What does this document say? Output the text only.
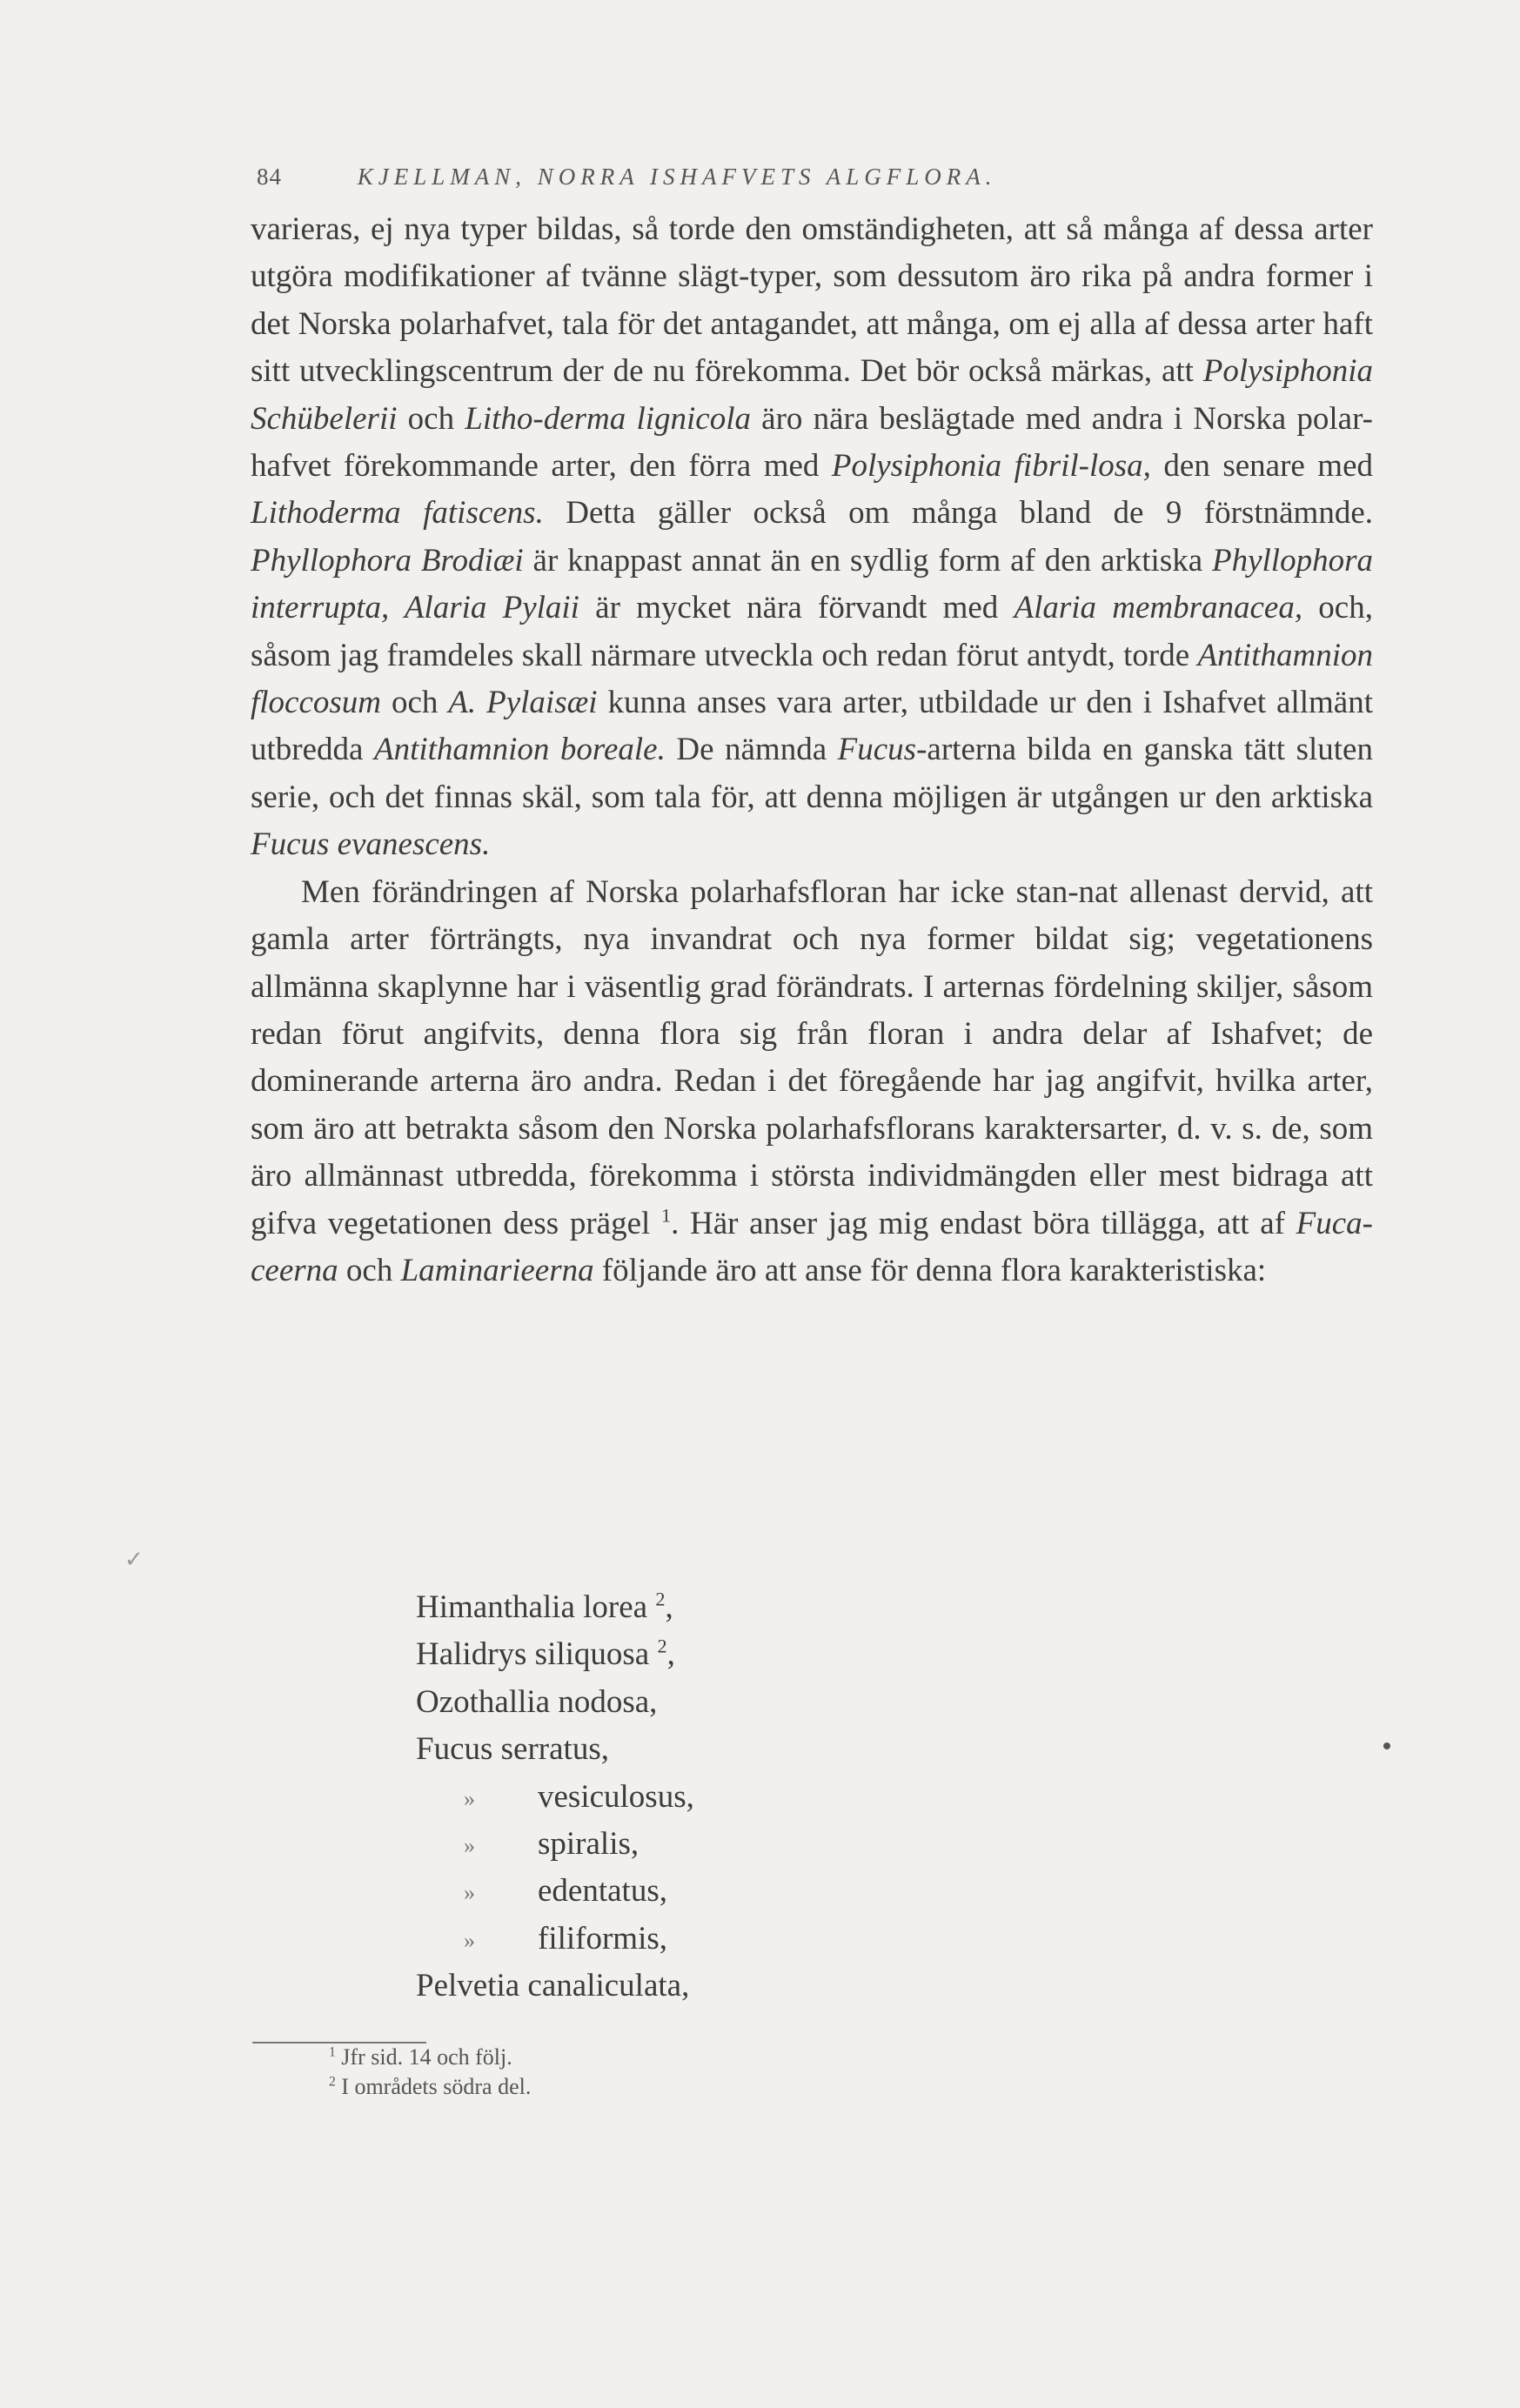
84	KJELLMAN, NORRA ISHAFVETS ALGFLORA.

varieras, ej nya typer bildas, så torde den omständigheten, att så många af dessa arter utgöra modifikationer af tvänne slägt-typer, som dessutom äro rika på andra former i det Norska polarhafvet, tala för det antagandet, att många, om ej alla af dessa arter haft sitt utvecklingscentrum der de nu förekomma. Det bör också märkas, att Polysiphonia Schübelerii och Litho-derma lignicola äro nära beslägtade med andra i Norska polar-hafvet förekommande arter, den förra med Polysiphonia fibril-losa, den senare med Lithoderma fatiscens. Detta gäller också om många bland de 9 förstnämnde. Phyllophora Brodiæi är knappast annat än en sydlig form af den arktiska Phyllophora interrupta, Alaria Pylaii är mycket nära förvandt med Alaria membranacea, och, såsom jag framdeles skall närmare utveckla och redan förut antydt, torde Antithamnion floccosum och A. Pylaisæi kunna anses vara arter, utbildade ur den i Ishafvet allmänt utbredda Antithamnion boreale. De nämnda Fucus-arterna bilda en ganska tätt sluten serie, och det finnas skäl, som tala för, att denna möjligen är utgången ur den arktiska Fucus evanescens.

Men förändringen af Norska polarhafsfloran har icke stan-nat allenast dervid, att gamla arter förträngts, nya invandrat och nya former bildat sig; vegetationens allmänna skaplynne har i väsentlig grad förändrats. I arternas fördelning skiljer, såsom redan förut angifvits, denna flora sig från floran i andra delar af Ishafvet; de dominerande arterna äro andra. Redan i det föregående har jag angifvit, hvilka arter, som äro att betrakta såsom den Norska polarhafsflorans karaktersarter, d. v. s. de, som äro allmännast utbredda, förekomma i största individmängden eller mest bidraga att gifva vegetationen dess prägel $^1$. Här anser jag mig endast böra tillägga, att af Fuca-ceerna och Laminarieerna följande äro att anse för denna flora karakteristiska:

Himanthalia lorea $^2$,
Halidrys siliquosa $^2$,
Ozothallia nodosa,
Fucus serratus,
» vesiculosus,
» spiralis,
» edentatus,
» filiformis,
Pelvetia canaliculata,
$^1$ Jfr sid. 14 och följ.
$^2$ I områdets södra del.
✓
